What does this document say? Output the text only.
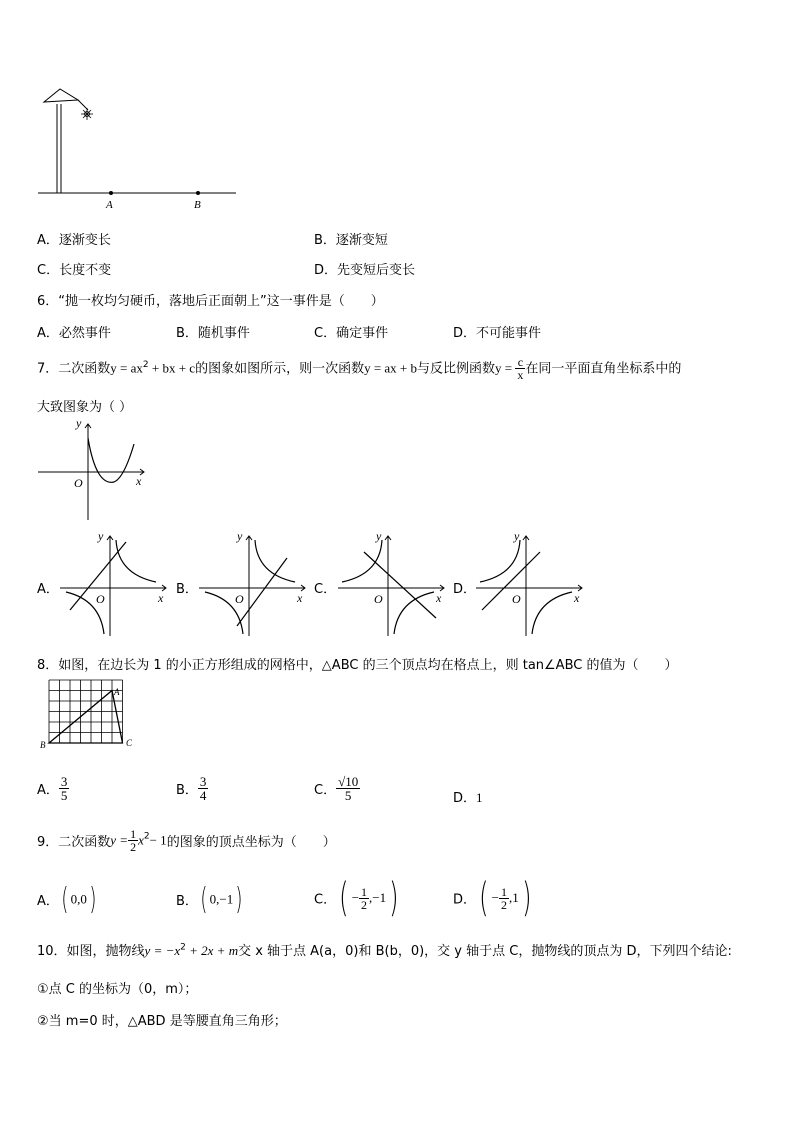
A	B
A．逐渐变长	B．逐渐变短
C．长度不变	D．先变短后变长
6．“抛一枚均匀硬币，落地后正面朝上”这一事件是（　　）
A．必然事件	B．随机事件	C．确定事件	D．不可能事件
7．二次函数$y = ax^2$ + bx + c的图象如图所示，则一次函数y = ax + b与反比例函数$y = \frac{c}{x}$ 在同一平面直角坐标系中的
大致图象为（ ）
y
x
O
A．
y
x
O
B．
y
x
O
C．
y
x
O
D．
y
x
O
8．如图，在边长为 1 的小正方形组成的网格中，△ABC 的三个顶点均在格点上，则 tan∠ABC 的值为（　　）
A
B	C
A． $\frac{3}{5}$	B． $\frac{3}{4}$	C． $\frac{√10}{5}$	D．1
9．二次函数$y = \frac{1}{2} x^2- 1$的图象的顶点坐标为（　　）
A．( 0,0)	B．( 0,−1)	C．( − $\frac{1}{2} ,-1$)	D．( − $\frac{1}{2} ,1$)
10．如图，抛物线$y = -x^2 + 2x + m$交 x 轴于点 A(a，0)和 B(b，0)，交 y 轴于点 C，抛物线的顶点为 D，下列四个结论:
①点 C 的坐标为（0，m）；
②当 m=0 时，△ABD 是等腰直角三角形；
